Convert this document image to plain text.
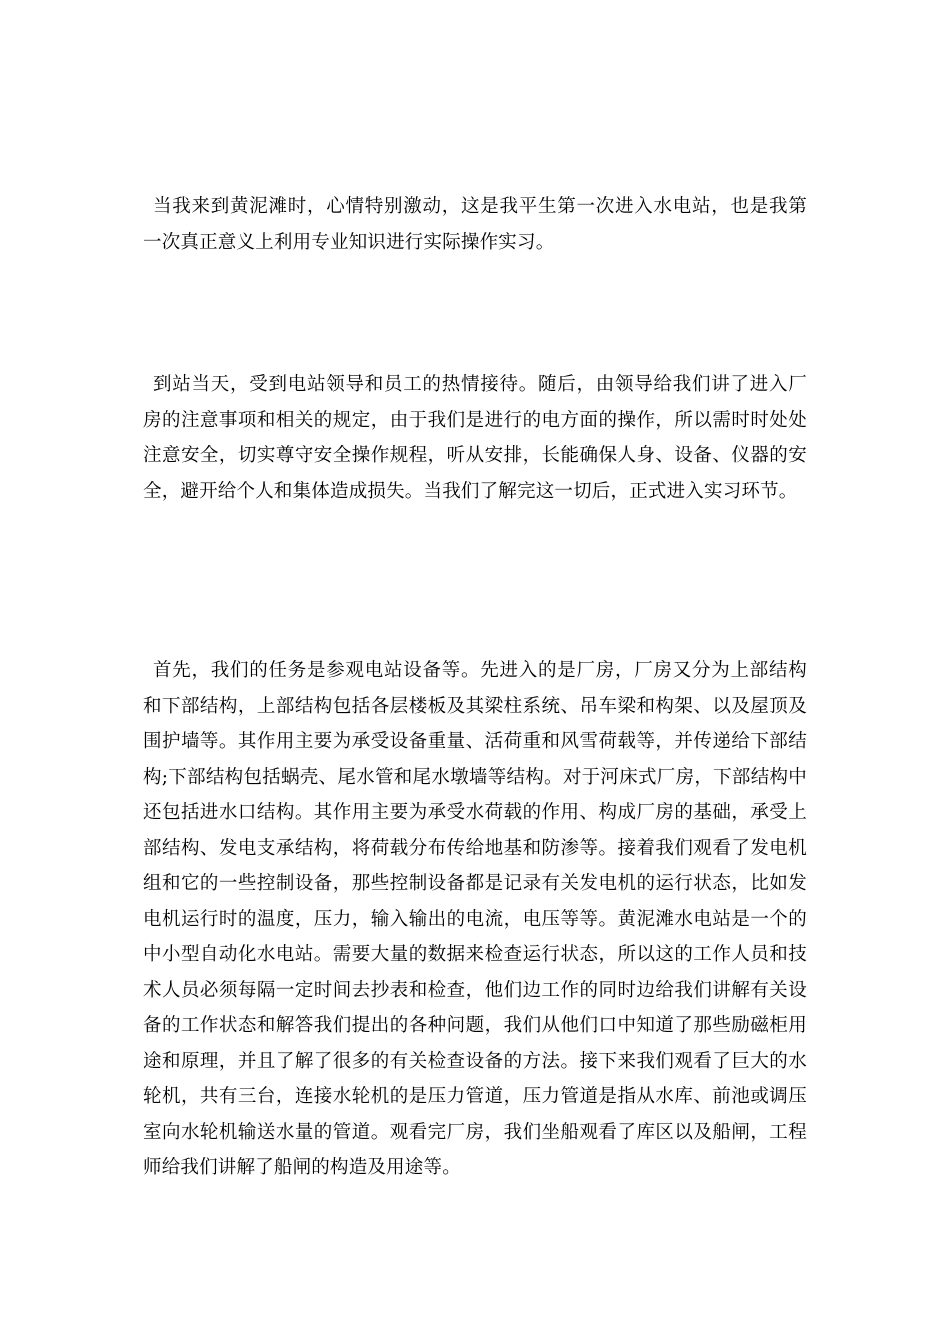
当我来到黄泥滩时，心情特别激动，这是我平生第一次进入水电站，也是我第一次真正意义上利用专业知识进行实际操作实习。

到站当天，受到电站领导和员工的热情接待。随后，由领导给我们讲了进入厂房的注意事项和相关的规定，由于我们是进行的电方面的操作，所以需时时处处注意安全，切实尊守安全操作规程，听从安排，长能确保人身、设备、仪器的安全，避开给个人和集体造成损失。当我们了解完这一切后，正式进入实习环节。

首先，我们的任务是参观电站设备等。先进入的是厂房，厂房又分为上部结构和下部结构，上部结构包括各层楼板及其梁柱系统、吊车梁和构架、以及屋顶及围护墙等。其作用主要为承受设备重量、活荷重和风雪荷载等，并传递给下部结构;下部结构包括蜗壳、尾水管和尾水墩墙等结构。对于河床式厂房，下部结构中还包括进水口结构。其作用主要为承受水荷载的作用、构成厂房的基础，承受上部结构、发电支承结构，将荷载分布传给地基和防渗等。接着我们观看了发电机组和它的一些控制设备，那些控制设备都是记录有关发电机的运行状态，比如发电机运行时的温度，压力，输入输出的电流，电压等等。黄泥滩水电站是一个的中小型自动化水电站。需要大量的数据来检查运行状态，所以这的工作人员和技术人员必须每隔一定时间去抄表和检查，他们边工作的同时边给我们讲解有关设备的工作状态和解答我们提出的各种问题，我们从他们口中知道了那些励磁柜用途和原理，并且了解了很多的有关检查设备的方法。接下来我们观看了巨大的水轮机，共有三台，连接水轮机的是压力管道，压力管道是指从水库、前池或调压室向水轮机输送水量的管道。观看完厂房，我们坐船观看了库区以及船闸，工程师给我们讲解了船闸的构造及用途等。
